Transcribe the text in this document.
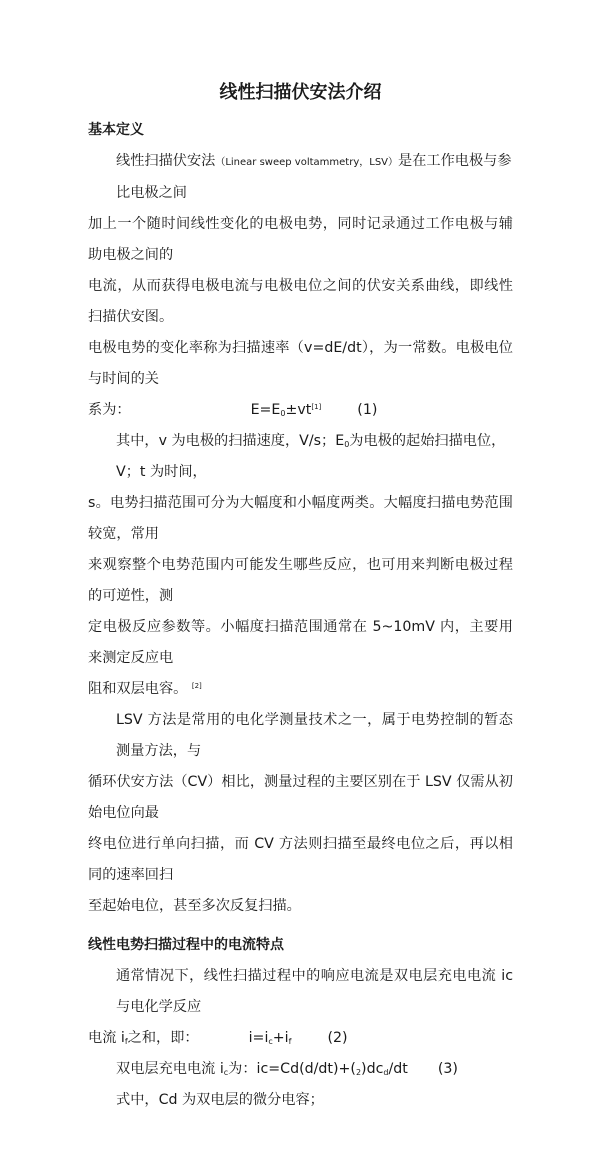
线性扫描伏安法介绍
基本定义
线性扫描伏安法（Linear sweep voltammetry，LSV）是在工作电极与参比电极之间
加上一个随时间线性变化的电极电势，同时记录通过工作电极与辅助电极之间的
电流，从而获得电极电流与电极电位之间的伏安关系曲线，即线性扫描伏安图。
电极电势的变化率称为扫描速率（v=dE/dt），为一常数。电极电位与时间的关
系为：	$E=E_0\pm vt[1]$	(1)
其中，v 为电极的扫描速度，V/s；$E_0$为电极的起始扫描电位，V；t 为时间，
s。电势扫描范围可分为大幅度和小幅度两类。大幅度扫描电势范围较宽，常用
来观察整个电势范围内可能发生哪些反应，也可用来判断电极过程的可逆性，测
定电极反应参数等。小幅度扫描范围通常在 5~10mV 内，主要用来测定反应电
阻和双层电容。 [2]
LSV 方法是常用的电化学测量技术之一，属于电势控制的暂态测量方法，与
循环伏安方法（CV）相比，测量过程的主要区别在于 LSV 仅需从初始电位向最
终电位进行单向扫描，而 CV 方法则扫描至最终电位之后，再以相同的速率回扫
至起始电位，甚至多次反复扫描。
线性电势扫描过程中的电流特点
通常情况下，线性扫描过程中的响应电流是双电层充电电流 ic 与电化学反应
电流 $i_f$之和，即：	$i=i_c+i_f$	(2)
双电层充电电流 $i_c$为：$ic=Cd(d/dt)+(_2)dc_d/dt$ (3)
式中，Cd 为双电层的微分电容；
